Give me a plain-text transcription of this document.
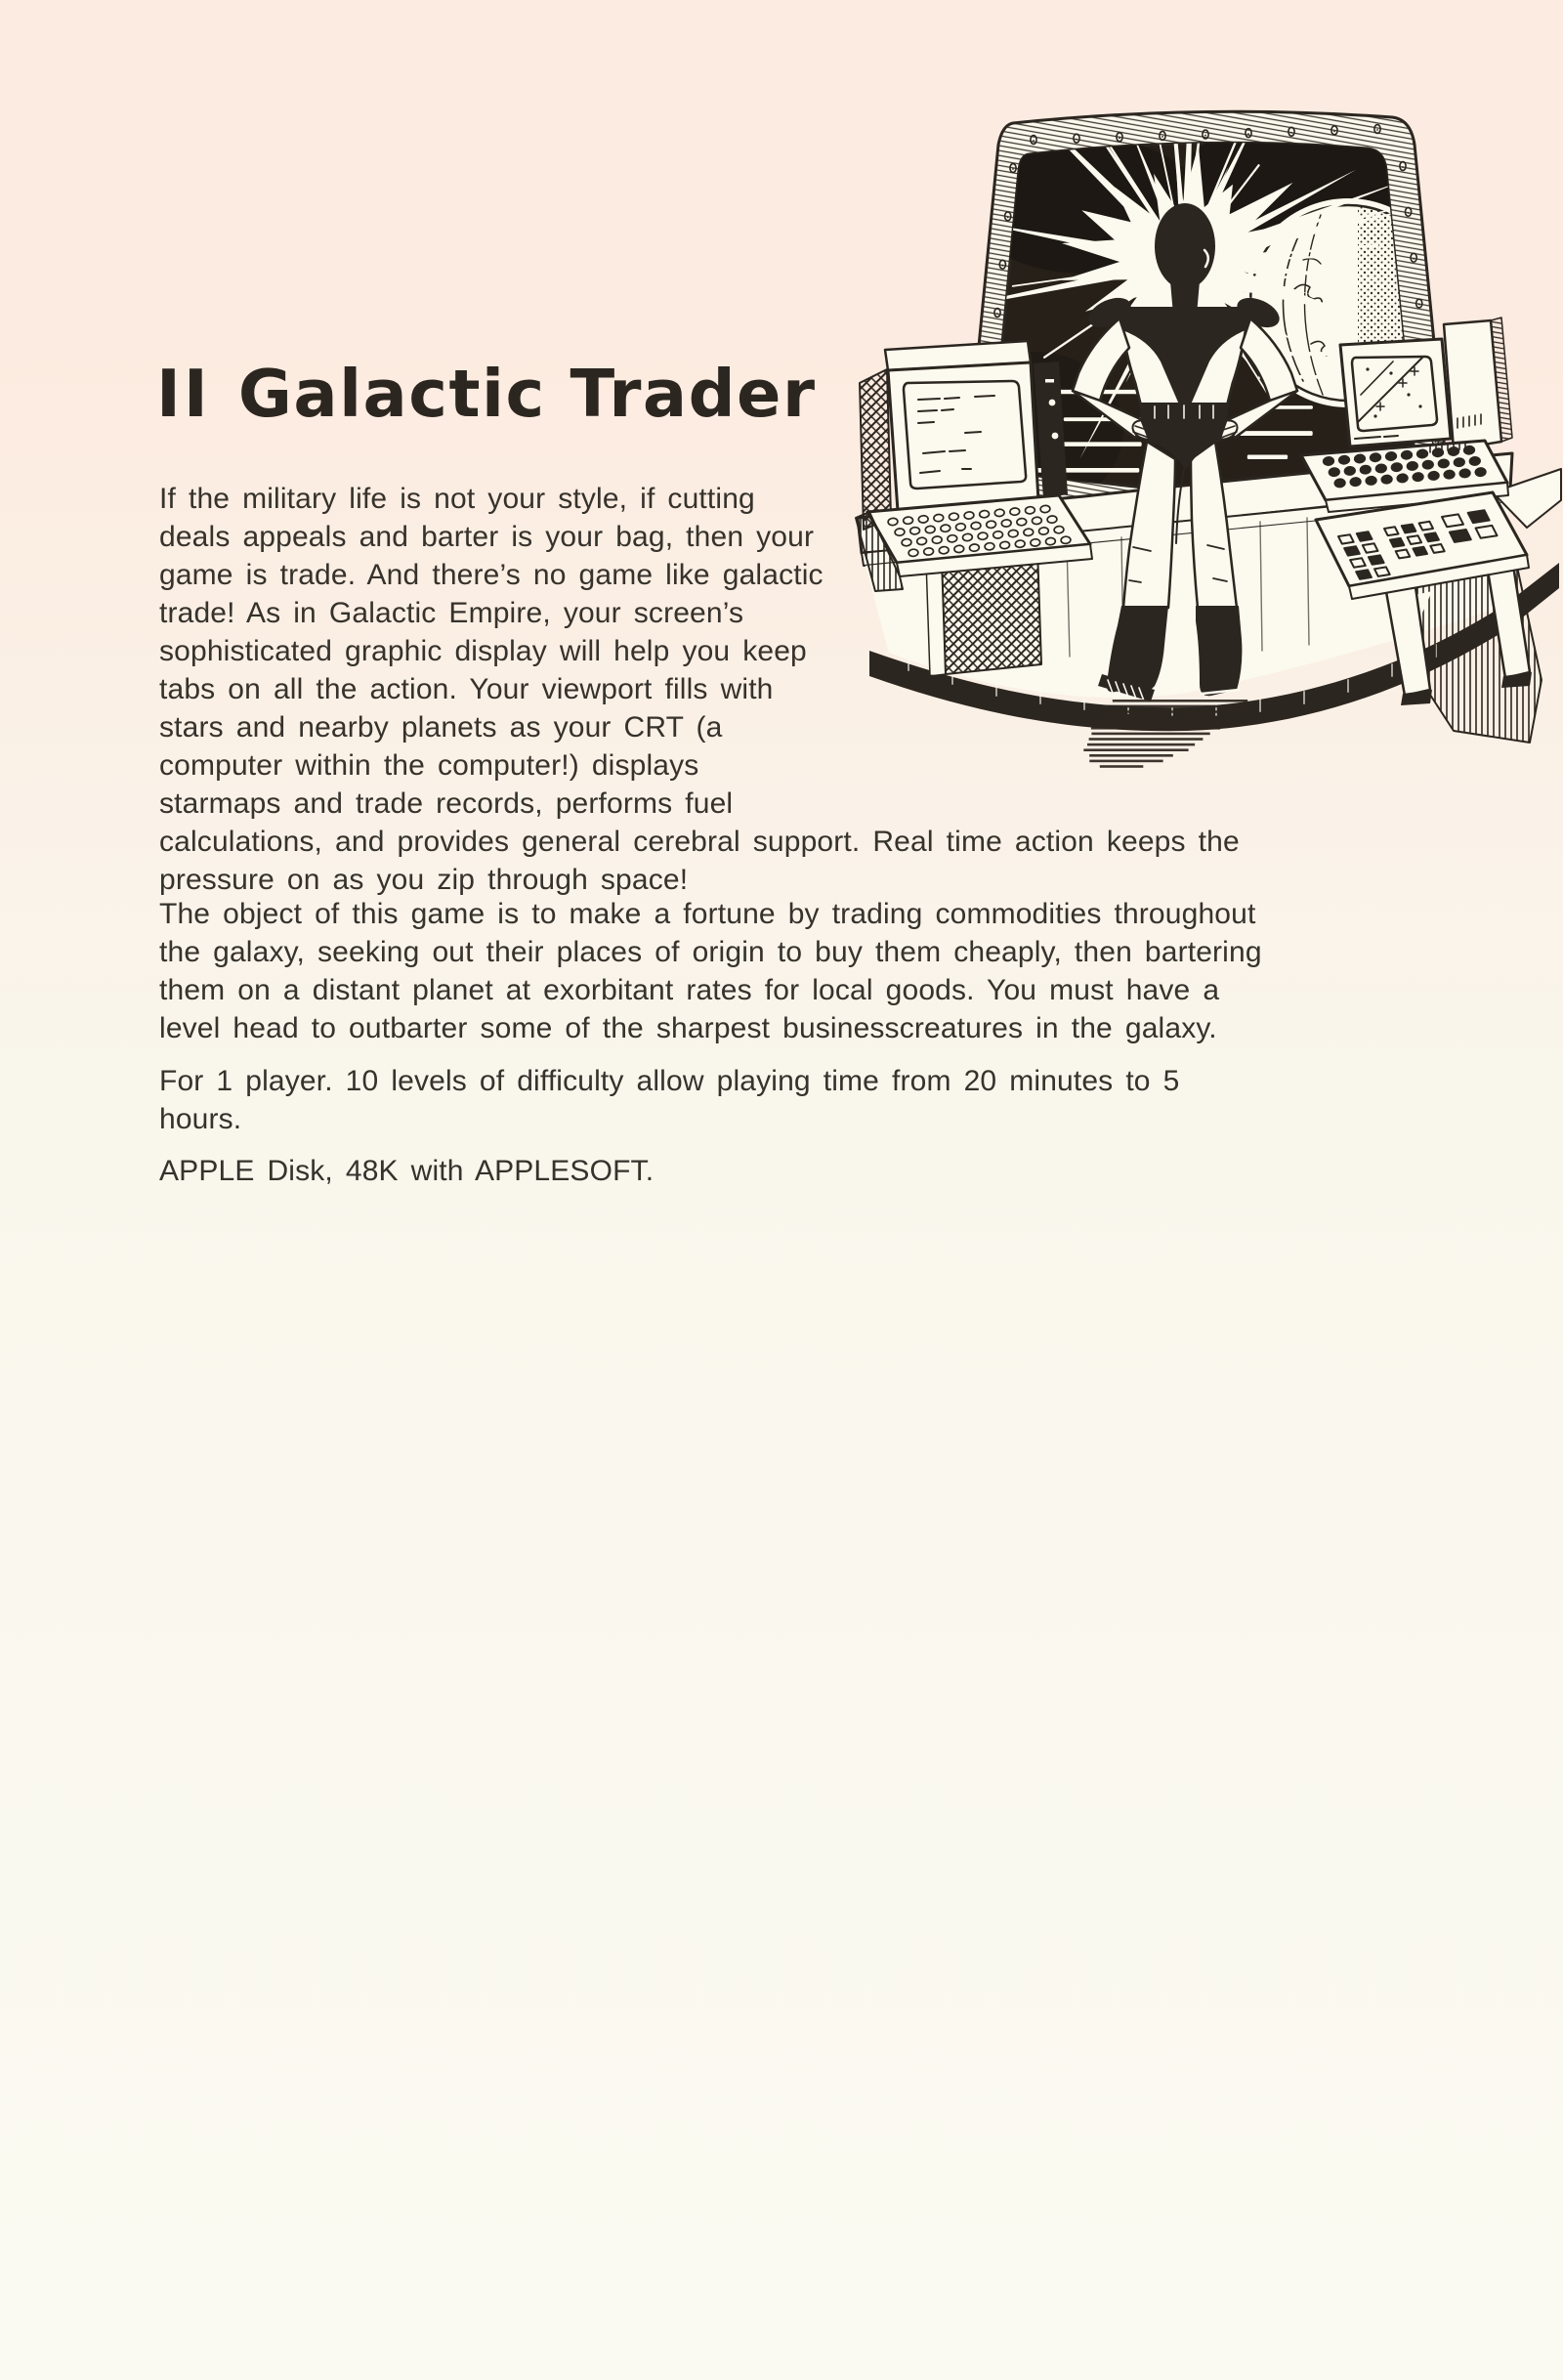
II Galactic Trader
If the military life is not your style, if cutting
deals appeals and barter is your bag, then your
game is trade. And there’s no game like galactic
trade! As in Galactic Empire, your screen’s
sophisticated graphic display will help you keep
tabs on all the action. Your viewport fills with
stars and nearby planets as your CRT (a
computer within the computer!) displays
starmaps and trade records, performs fuel
calculations, and provides general cerebral support. Real time action keeps the
pressure on as you zip through space!
The object of this game is to make a fortune by trading commodities throughout
the galaxy, seeking out their places of origin to buy them cheaply, then bartering
them on a distant planet at exorbitant rates for local goods. You must have a
level head to outbarter some of the sharpest businesscreatures in the galaxy.
For 1 player. 10 levels of difficulty allow playing time from 20 minutes to 5
hours.
APPLE Disk, 48K with APPLESOFT.
